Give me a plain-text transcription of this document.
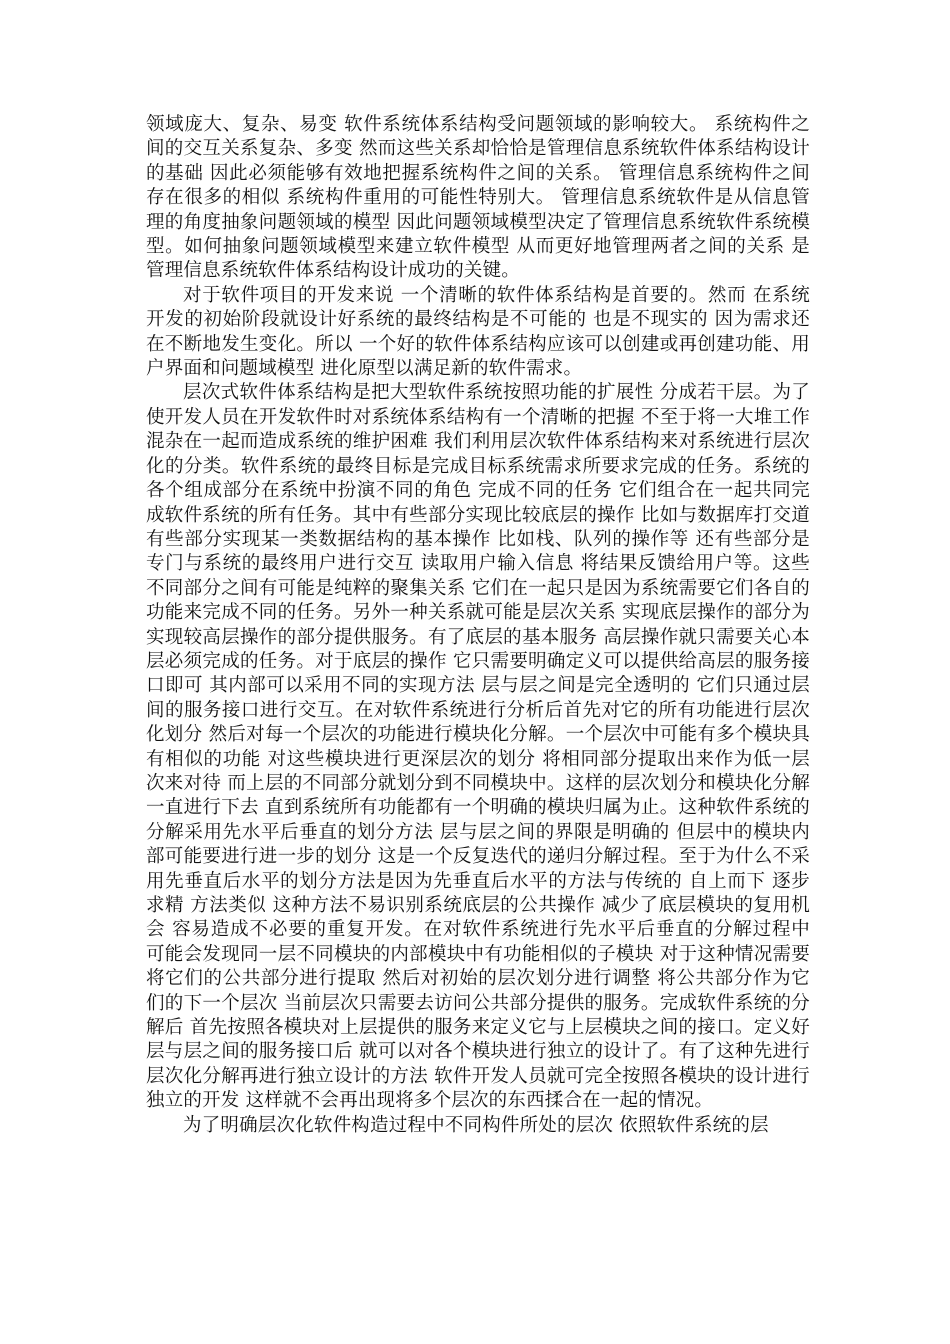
领域庞大、复杂、易变 软件系统体系结构受问题领域的影响较大。 系统构件之间的交互关系复杂、多变 然而这些关系却恰恰是管理信息系统软件体系结构设计的基础 因此必须能够有效地把握系统构件之间的关系。 管理信息系统构件之间存在很多的相似 系统构件重用的可能性特别大。 管理信息系统软件是从信息管理的角度抽象问题领域的模型 因此问题领域模型决定了管理信息系统软件系统模型。如何抽象问题领域模型来建立软件模型 从而更好地管理两者之间的关系 是管理信息系统软件体系结构设计成功的关键。

对于软件项目的开发来说 一个清晰的软件体系结构是首要的。然而 在系统开发的初始阶段就设计好系统的最终结构是不可能的 也是不现实的 因为需求还在不断地发生变化。所以 一个好的软件体系结构应该可以创建或再创建功能、用户界面和问题域模型 进化原型以满足新的软件需求。

层次式软件体系结构是把大型软件系统按照功能的扩展性 分成若干层。为了使开发人员在开发软件时对系统体系结构有一个清晰的把握 不至于将一大堆工作混杂在一起而造成系统的维护困难 我们利用层次软件体系结构来对系统进行层次化的分类。软件系统的最终目标是完成目标系统需求所要求完成的任务。系统的各个组成部分在系统中扮演不同的角色 完成不同的任务 它们组合在一起共同完成软件系统的所有任务。其中有些部分实现比较底层的操作 比如与数据库打交道 有些部分实现某一类数据结构的基本操作 比如栈、队列的操作等 还有些部分是专门与系统的最终用户进行交互 读取用户输入信息 将结果反馈给用户等。这些不同部分之间有可能是纯粹的聚集关系 它们在一起只是因为系统需要它们各自的功能来完成不同的任务。另外一种关系就可能是层次关系 实现底层操作的部分为实现较高层操作的部分提供服务。有了底层的基本服务 高层操作就只需要关心本层必须完成的任务。对于底层的操作 它只需要明确定义可以提供给高层的服务接口即可 其内部可以采用不同的实现方法 层与层之间是完全透明的 它们只通过层间的服务接口进行交互。在对软件系统进行分析后首先对它的所有功能进行层次化划分 然后对每一个层次的功能进行模块化分解。一个层次中可能有多个模块具有相似的功能 对这些模块进行更深层次的划分 将相同部分提取出来作为低一层次来对待 而上层的不同部分就划分到不同模块中。这样的层次划分和模块化分解一直进行下去 直到系统所有功能都有一个明确的模块归属为止。这种软件系统的分解采用先水平后垂直的划分方法 层与层之间的界限是明确的 但层中的模块内部可能要进行进一步的划分 这是一个反复迭代的递归分解过程。至于为什么不采用先垂直后水平的划分方法是因为先垂直后水平的方法与传统的 自上而下 逐步求精 方法类似 这种方法不易识别系统底层的公共操作 减少了底层模块的复用机会 容易造成不必要的重复开发。在对软件系统进行先水平后垂直的分解过程中 可能会发现同一层不同模块的内部模块中有功能相似的子模块 对于这种情况需要将它们的公共部分进行提取 然后对初始的层次划分进行调整 将公共部分作为它们的下一个层次 当前层次只需要去访问公共部分提供的服务。完成软件系统的分解后 首先按照各模块对上层提供的服务来定义它与上层模块之间的接口。定义好层与层之间的服务接口后 就可以对各个模块进行独立的设计了。有了这种先进行层次化分解再进行独立设计的方法 软件开发人员就可完全按照各模块的设计进行独立的开发 这样就不会再出现将多个层次的东西揉合在一起的情况。

为了明确层次化软件构造过程中不同构件所处的层次 依照软件系统的层
